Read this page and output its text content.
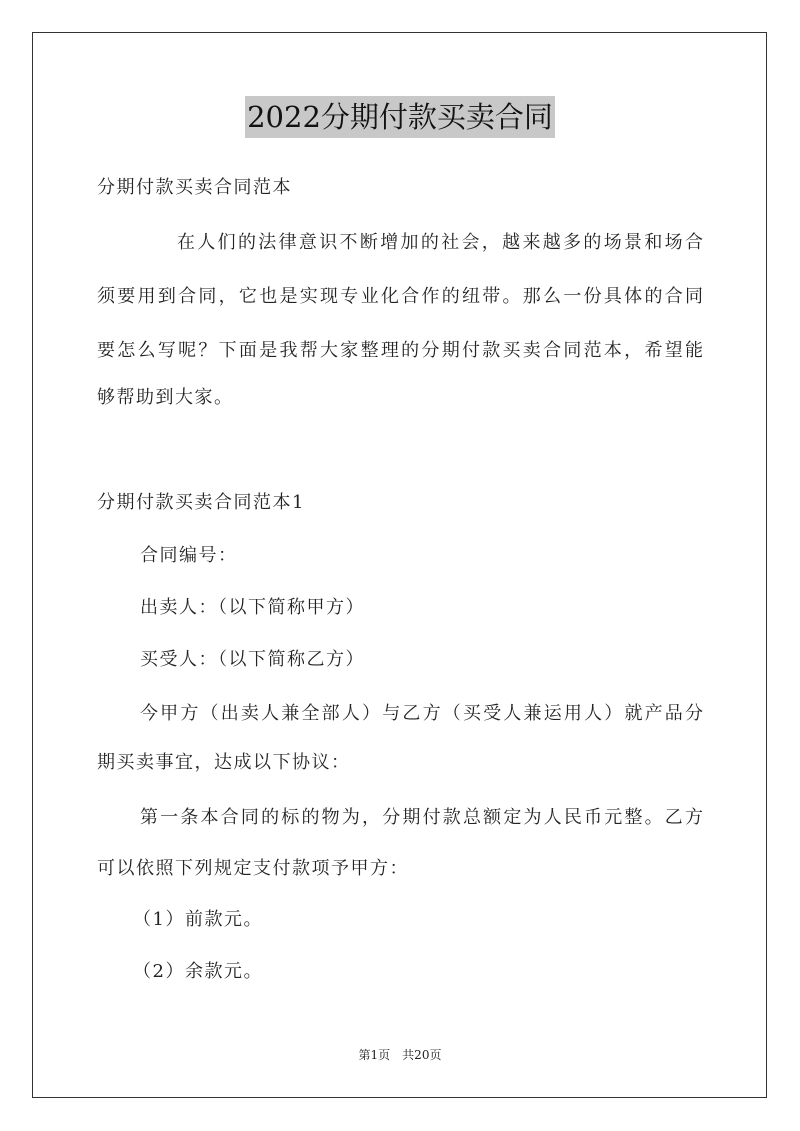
2022分期付款买卖合同
分期付款买卖合同范本
在人们的法律意识不断增加的社会，越来越多的场景和场合
须要用到合同，它也是实现专业化合作的纽带。那么一份具体的合同
要怎么写呢？下面是我帮大家整理的分期付款买卖合同范本，希望能
够帮助到大家。
分期付款买卖合同范本1
合同编号：
出卖人：（以下简称甲方）
买受人：（以下简称乙方）
今甲方（出卖人兼全部人）与乙方（买受人兼运用人）就产品分
期买卖事宜，达成以下协议：
第一条本合同的标的物为，分期付款总额定为人民币元整。乙方
可以依照下列规定支付款项予甲方：
（1）前款元。
（2）余款元。
第1页　共20页
